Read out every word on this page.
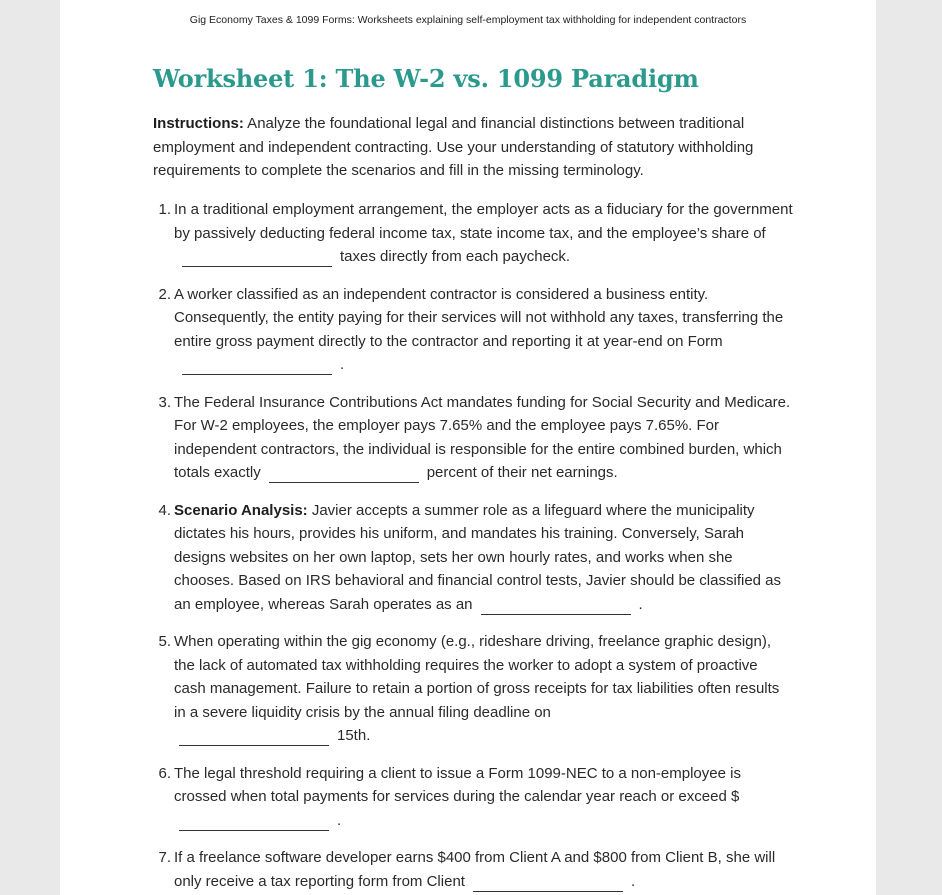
Gig Economy Taxes & 1099 Forms: Worksheets explaining self-employment tax withholding for independent contractors
Worksheet 1: The W-2 vs. 1099 Paradigm
Instructions: Analyze the foundational legal and financial distinctions between traditional employment and independent contracting. Use your understanding of statutory withholding requirements to complete the scenarios and fill in the missing terminology.
1. In a traditional employment arrangement, the employer acts as a fiduciary for the government by passively deducting federal income tax, state income tax, and the employee’s share oftaxes directly from each paycheck.
2. A worker classified as an independent contractor is considered a business entity. Consequently, the entity paying for their services will not withhold any taxes, transferring the entire gross payment directly to the contractor and reporting it at year-end on Form.
3. The Federal Insurance Contributions Act mandates funding for Social Security and Medicare. For W-2 employees, the employer pays 7.65% and the employee pays 7.65%. For independent contractors, the individual is responsible for the entire combined burden, which totals exactly	percent of their net earnings.
4. Scenario Analysis: Javier accepts a summer role as a lifeguard where the municipality dictates his hours, provides his uniform, and mandates his training. Conversely, Sarah designs websites on her own laptop, sets her own hourly rates, and works when she chooses. Based on IRS behavioral and financial control tests, Javier should be classified as an employee, whereas Sarah operates as an	.
5. When operating within the gig economy (e.g., rideshare driving, freelance graphic design), the lack of automated tax withholding requires the worker to adopt a system of proactive cash management. Failure to retain a portion of gross receipts for tax liabilities often results in a severe liquidity crisis by the annual filing deadline on
15th.
6. The legal threshold requiring a client to issue a Form 1099-NEC to a non-employee is crossed when total payments for services during the calendar year reach or exceed $
.
7. If a freelance software developer earns $400 from Client A and $800 from Client B, she will only receive a tax reporting form from Client	.
